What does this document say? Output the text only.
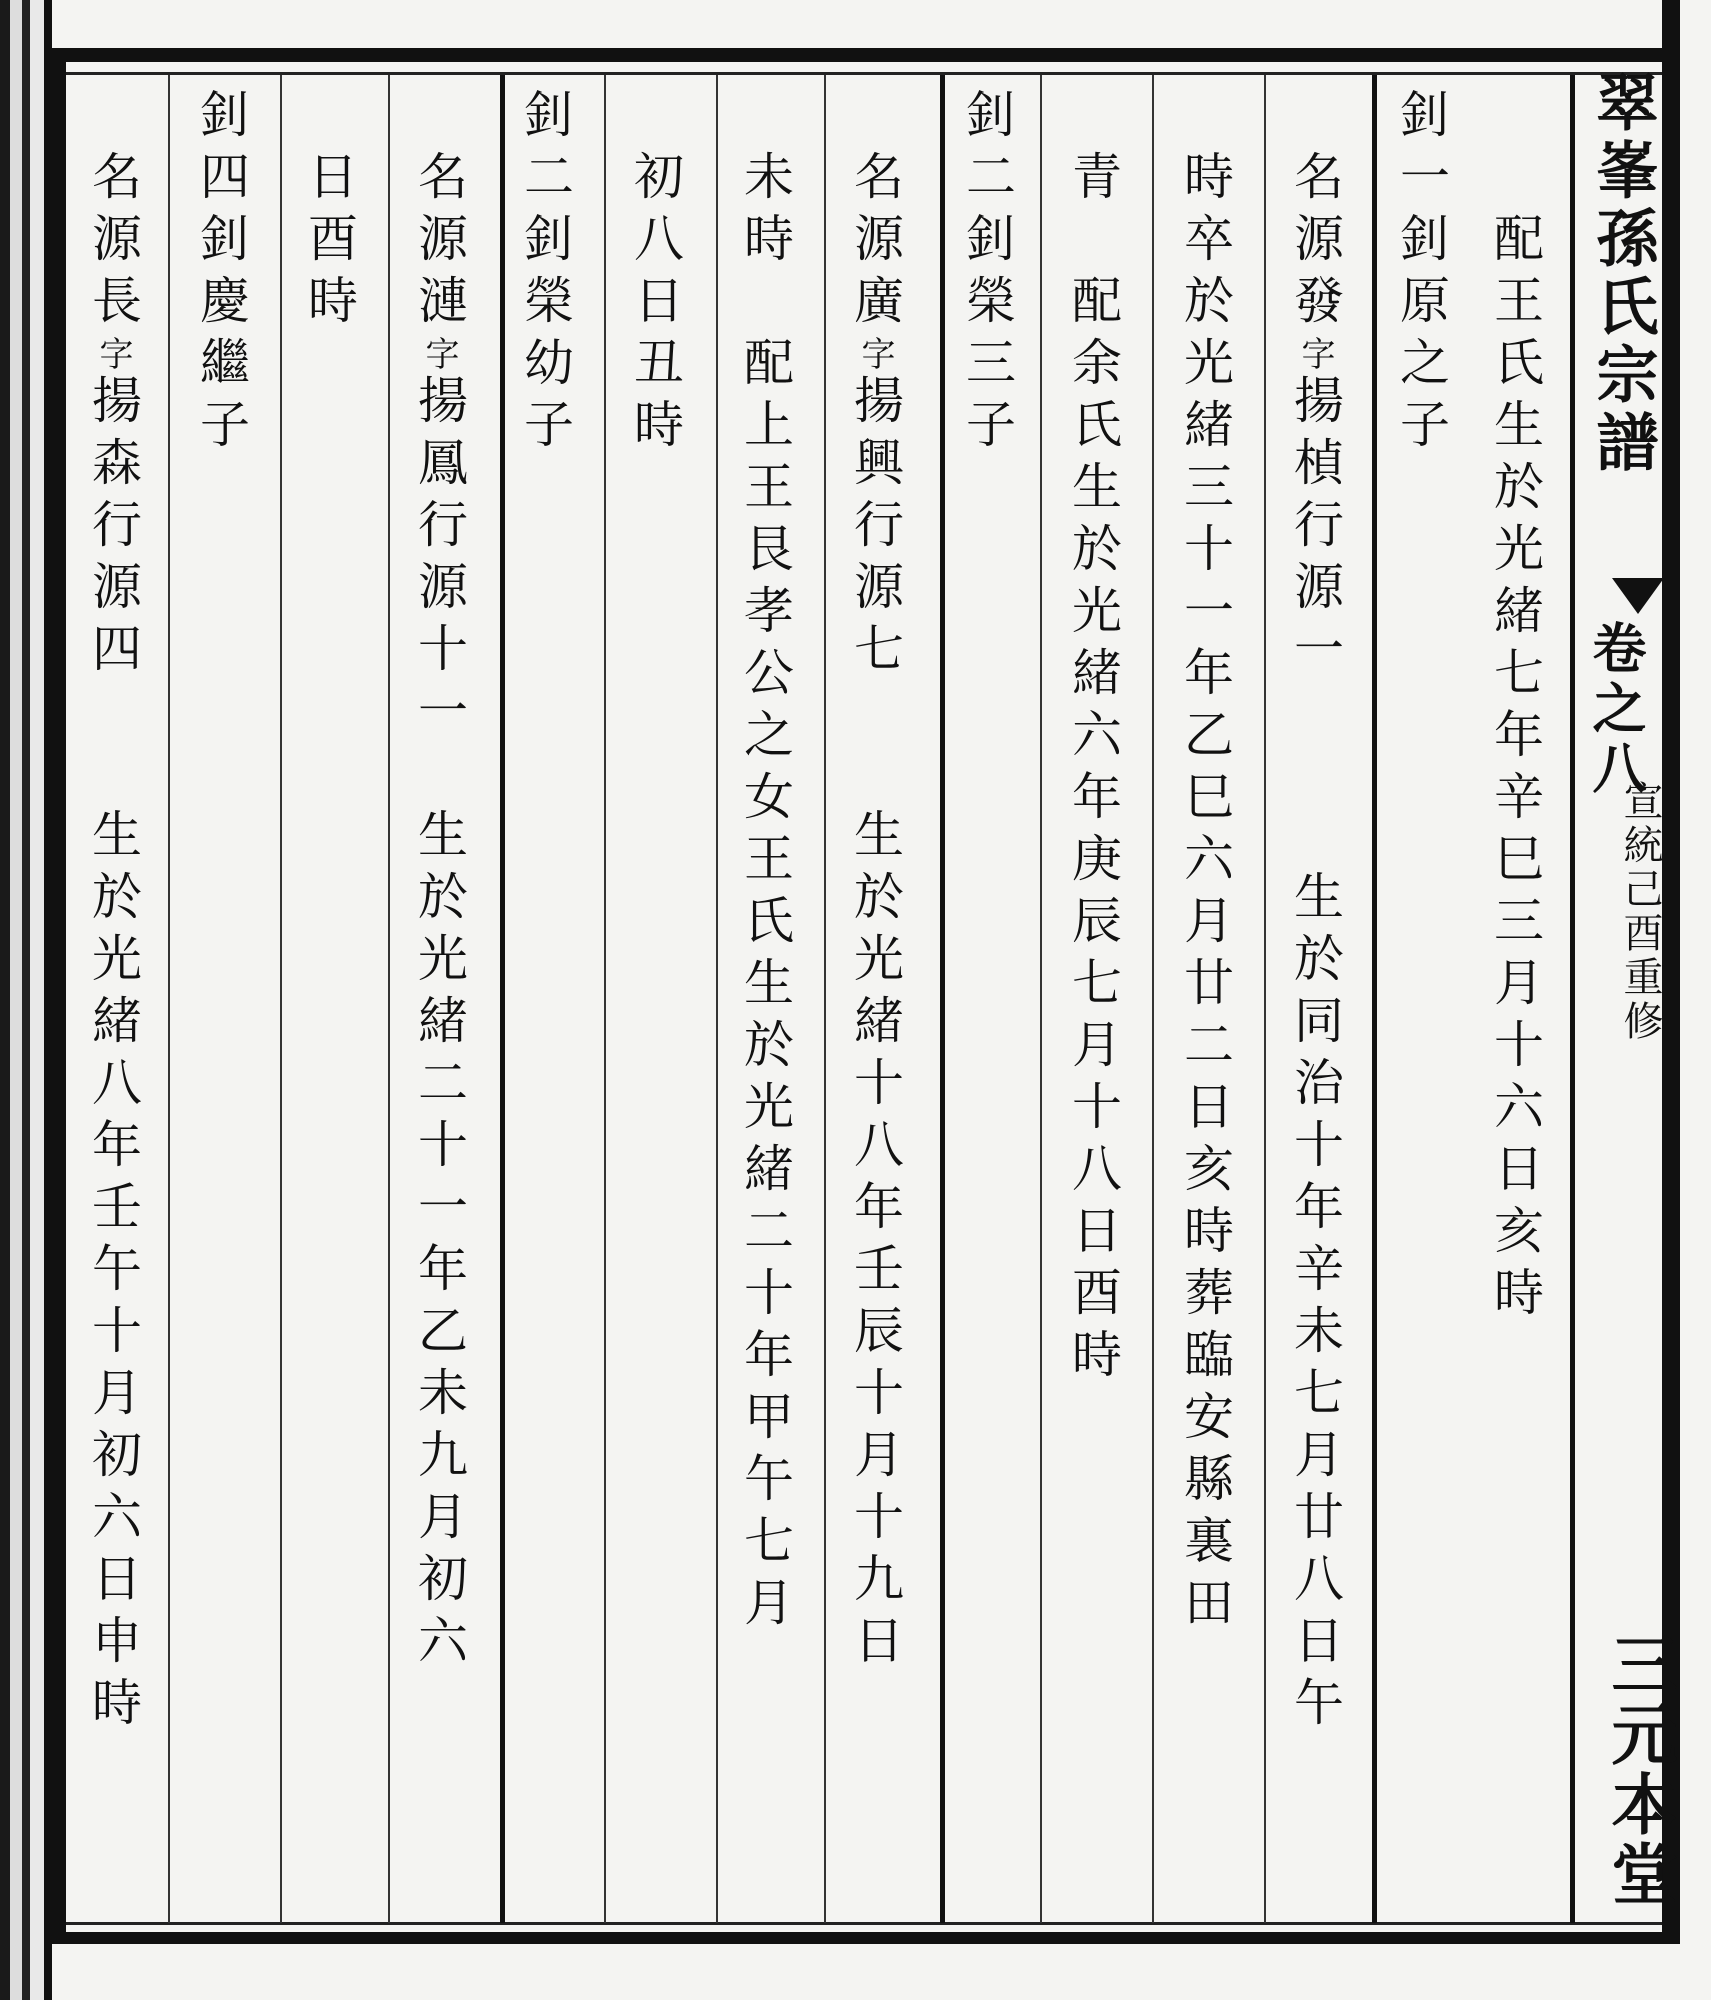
翠峯孫氏宗譜
卷之八
宣統己酉重修
三元本堂
　　配王氏生於光緒七年辛巳三月十六日亥時
釗一釗原之子
　名源發字揚楨行源一　　　生於同治十年辛未七月廿八日午
　時卒於光緒三十一年乙巳六月廿二日亥時葬臨安縣裏田
　青　配余氏生於光緒六年庚辰七月十八日酉時
釗二釗榮三子
　名源廣字揚興行源七　　生於光緒十八年壬辰十月十九日
　未時　配上王艮孝公之女王氏生於光緒二十年甲午七月
　初八日丑時
釗二釗榮幼子
　名源漣字揚鳳行源十一　生於光緒二十一年乙未九月初六
　日酉時
釗四釗慶繼子
　名源長字揚森行源四　　生於光緒八年壬午十月初六日申時
